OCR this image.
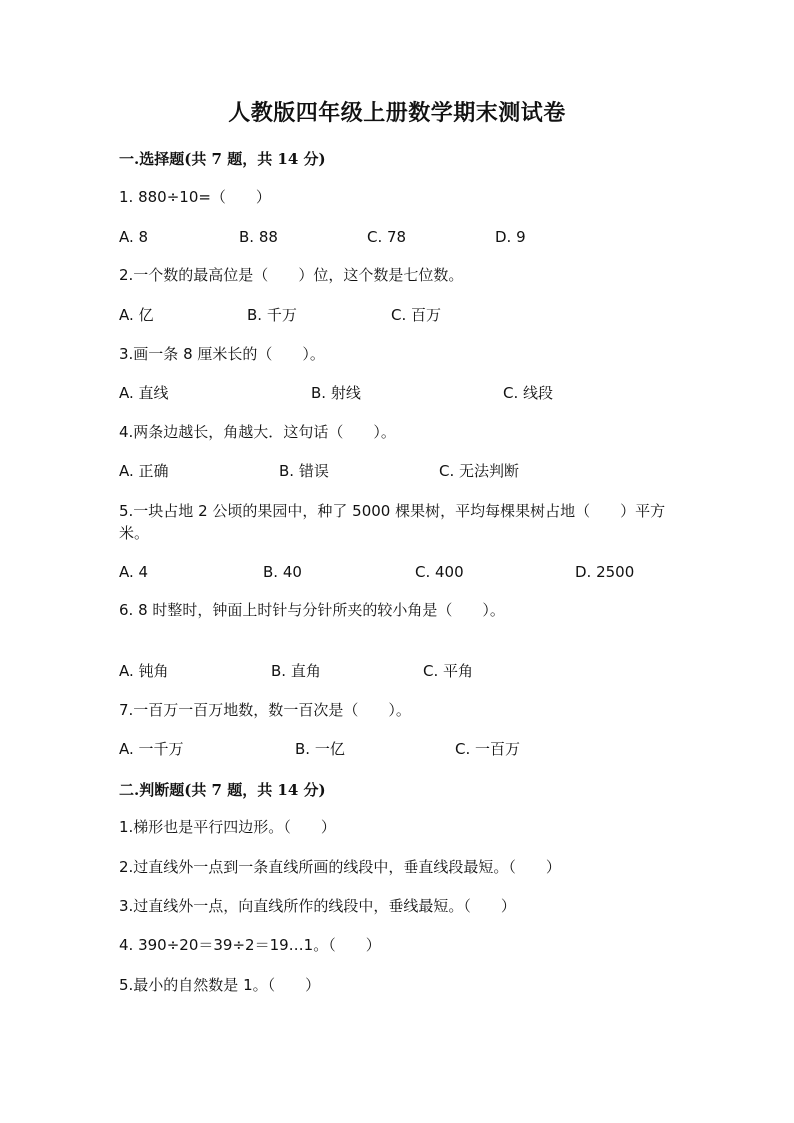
人教版四年级上册数学期末测试卷
一.选择题(共 7 题，共 14 分)
1. 880÷10=（　　）
A. 8	B. 88	C. 78	D. 9
2.一个数的最高位是（　　）位，这个数是七位数。
A. 亿	B. 千万	C. 百万
3.画一条 8 厘米长的（　　）。
A. 直线	B. 射线	C. 线段
4.两条边越长，角越大．这句话（　　）。
A. 正确	B. 错误	C. 无法判断
5.一块占地 2 公顷的果园中，种了 5000 棵果树，平均每棵果树占地（　　）平方米。
A. 4	B. 40	C. 400	D. 2500
6. 8 时整时，钟面上时针与分针所夹的较小角是（　　）。
A. 钝角	B. 直角	C. 平角
7.一百万一百万地数，数一百次是（　　）。
A. 一千万	B. 一亿	C. 一百万
二.判断题(共 7 题，共 14 分)
1.梯形也是平行四边形。（　　）
2.过直线外一点到一条直线所画的线段中，垂直线段最短。（　　）
3.过直线外一点，向直线所作的线段中，垂线最短。（　　）
4. 390÷20＝39÷2＝19…1。（　　）
5.最小的自然数是 1。（　　）
